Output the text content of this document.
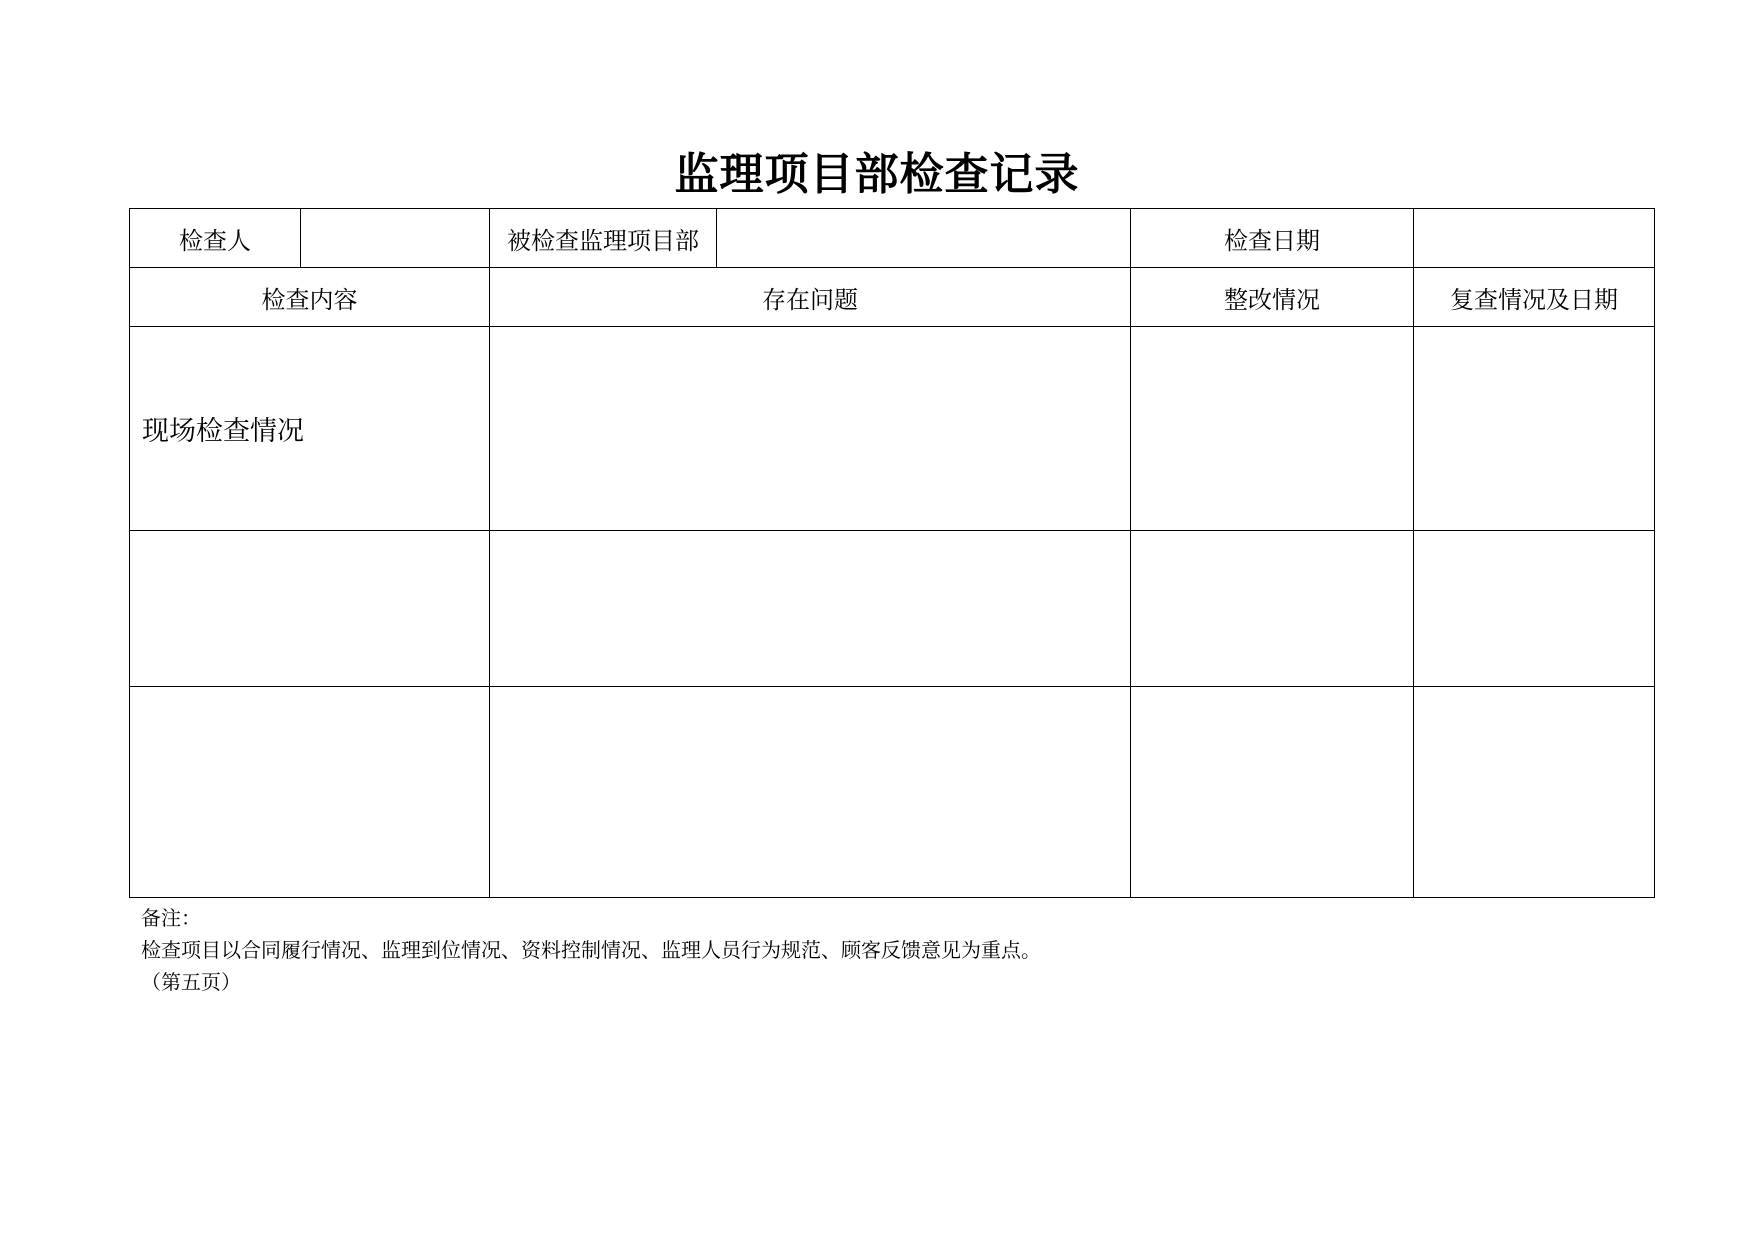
监理项目部检查记录
检查人		被检查监理项目部		检查日期	
检查内容		存在问题		整改情况	复查情况及日期
现场检查情况					

备注：
检查项目以合同履行情况、监理到位情况、资料控制情况、监理人员行为规范、顾客反馈意见为重点。
（第五页）
